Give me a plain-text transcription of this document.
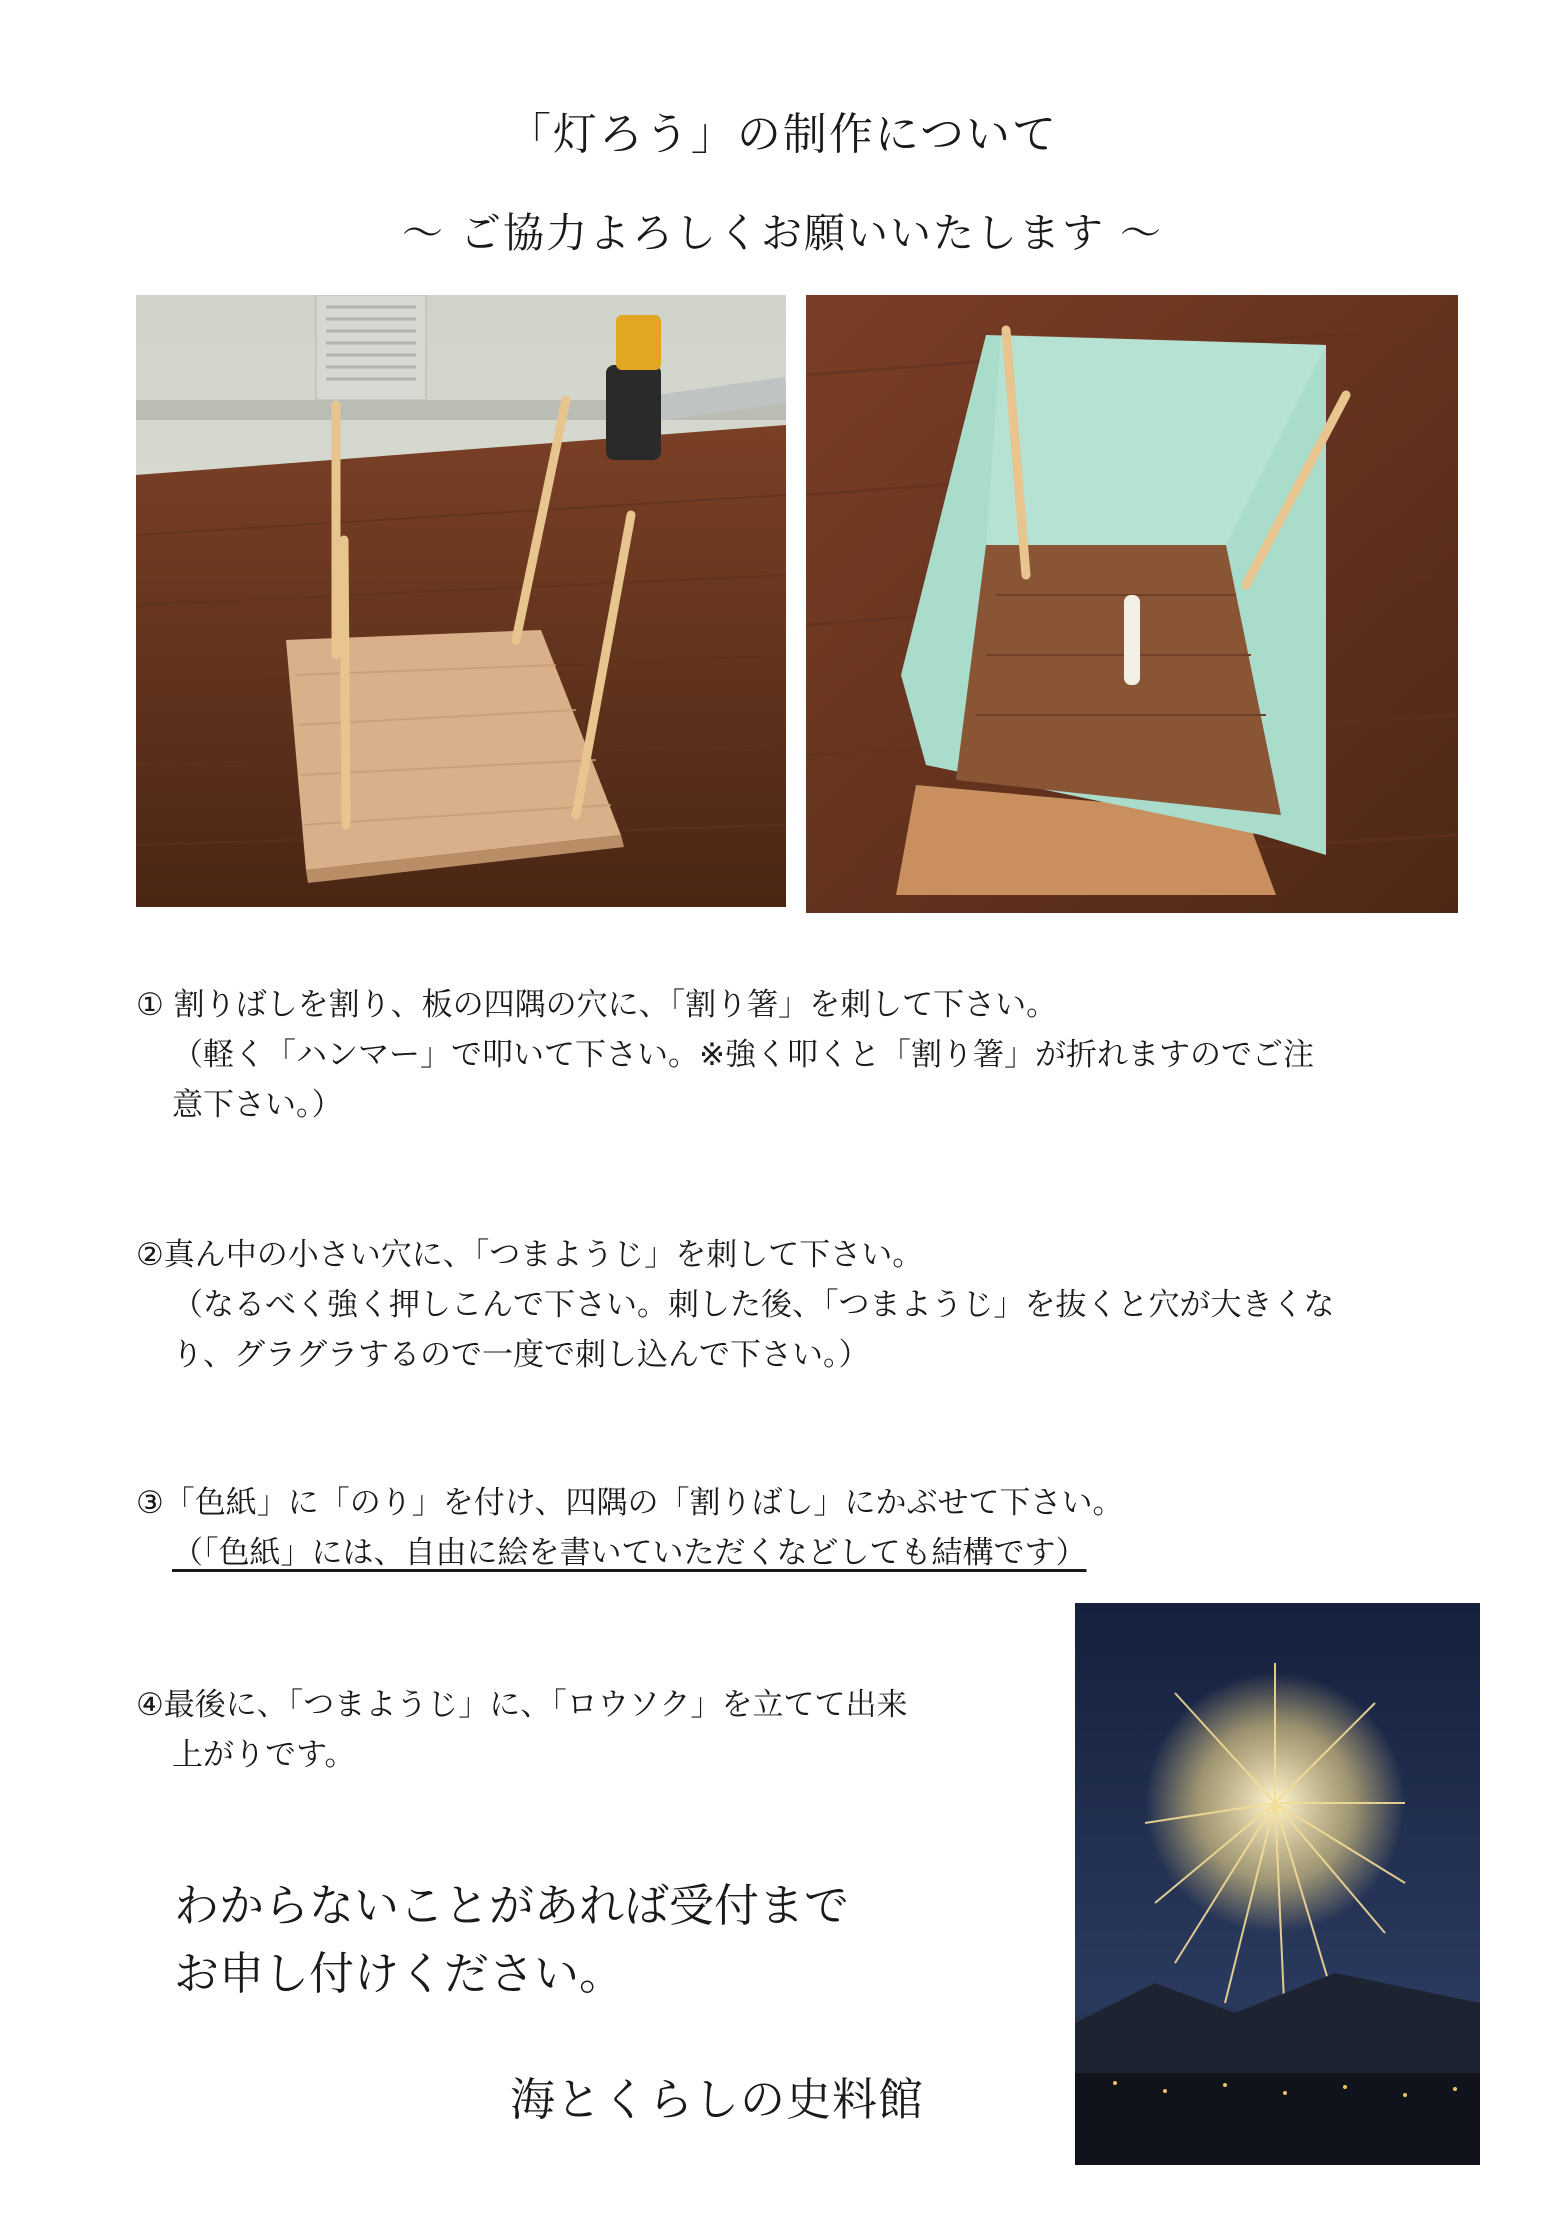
「灯ろう」の制作について
～ ご協力よろしくお願いいたします ～
① 割りばしを割り、板の四隅の穴に、「割り箸」を刺して下さい。
（軽く「ハンマー」で叩いて下さい。※強く叩くと「割り箸」が折れますのでご注
意下さい。）
②真ん中の小さい穴に、「つまようじ」を刺して下さい。
（なるべく強く押しこんで下さい。刺した後、「つまようじ」を抜くと穴が大きくな
り、グラグラするので一度で刺し込んで下さい。）
③「色紙」に「のり」を付け、四隅の「割りばし」にかぶせて下さい。
（「色紙」には、自由に絵を書いていただくなどしても結構です）
④最後に、「つまようじ」に、「ロウソク」を立てて出来
上がりです。
わからないことがあれば受付まで
お申し付けください。
海とくらしの史料館
